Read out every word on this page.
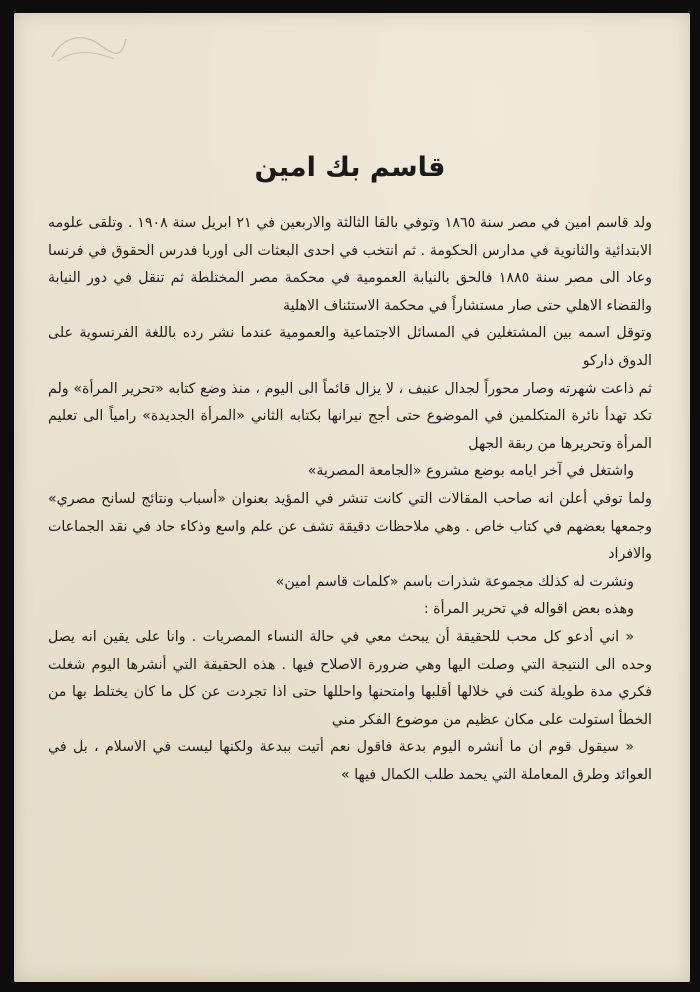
قاسم بك امين

ولد قاسم امين في مصر سنة ١٨٦٥ وتوفي بالقا الثالثة والاربعين في ٢١ ابريل سنة ١٩٠٨ . وتلقى علومه الابتدائية والثانوية في مدارس الحكومة . ثم انتخب في احدى البعثات الى اوربا فدرس الحقوق في فرنسا وعاد الى مصر سنة ١٨٨٥ فالحق بالنيابة العمومية في محكمة مصر المختلطة ثم تنقل في دور النيابة والقضاء الاهلي حتى صار مستشاراً في محكمة الاستئناف الاهلية

وتوقل اسمه بين المشتغلين في المسائل الاجتماعية والعمومية عندما نشر رده باللغة الفرنسوية على الدوق داركو

ثم ذاعت شهرته وصار محوراً لجدال عنيف ، لا يزال قائماً الى اليوم ، منذ وضع كتابه «تحرير المرأة» ولم تكد تهدأ نائرة المتكلمين في الموضوع حتى أجج نيرانها بكتابه الثاني «المرأة الجديدة» رامياً الى تعليم المرأة وتحريرها من ربقة الجهل

واشتغل في آخر ايامه بوضع مشروع «الجامعة المصرية»

ولما توفي أعلن انه صاحب المقالات التي كانت تنشر في المؤيد بعنوان «أسباب ونتائج لسانح مصري» وجمعها بعضهم في كتاب خاص . وهي ملاحظات دقيقة تشف عن علم واسع وذكاء حاد في نقد الجماعات والافراد

ونشرت له كذلك مجموعة شذرات باسم «كلمات قاسم امين»

وهذه بعض اقواله في تحرير المرأة :

« اني أدعو كل محب للحقيقة أن يبحث معي في حالة النساء المصريات . وانا على يقين انه يصل وحده الى النتيجة التي وصلت اليها وهي ضرورة الاصلاح فيها . هذه الحقيقة التي أنشرها اليوم شغلت فكري مدة طويلة كنت في خلالها أقلبها وامتحنها واحللها حتى اذا تجردت عن كل ما كان يختلط بها من الخطأ استولت على مكان عظيم من موضوع الفكر مني

« سيقول قوم ان ما أنشره اليوم بدعة فاقول نعم أتيت ببدعة ولكنها ليست في الاسلام ، بل في العوائد وطرق المعاملة التي يحمد طلب الكمال فيها »
